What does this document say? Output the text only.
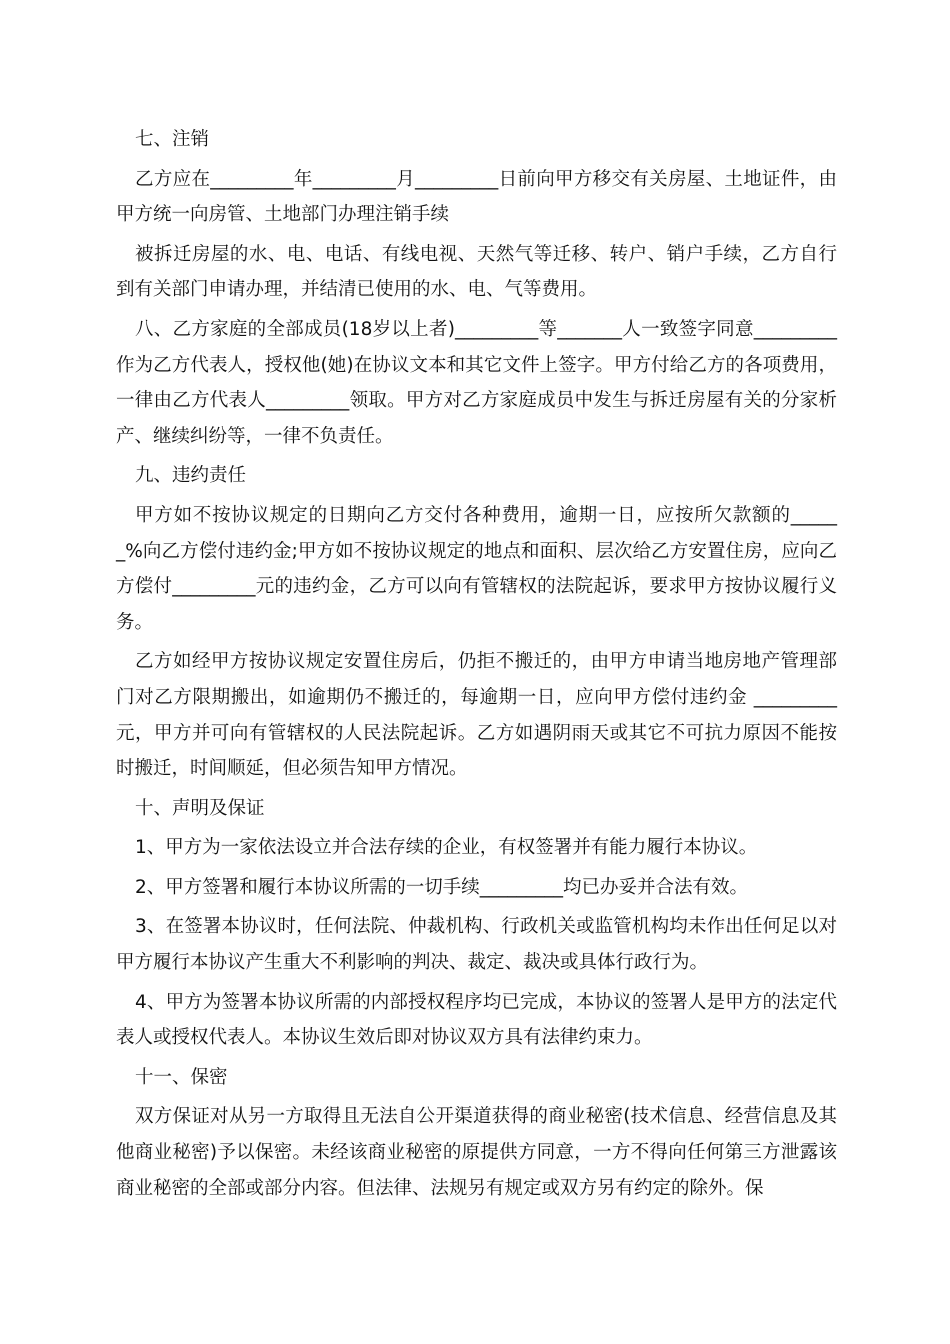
七、注销

乙方应在_________年_________月_________日前向甲方移交有关房屋、土地证件，由甲方统一向房管、土地部门办理注销手续

被拆迁房屋的水、电、电话、有线电视、天然气等迁移、转户、销户手续，乙方自行到有关部门申请办理，并结清已使用的水、电、气等费用。

八、乙方家庭的全部成员(18岁以上者)_________等_______人一致签字同意_________作为乙方代表人，授权他(她)在协议文本和其它文件上签字。甲方付给乙方的各项费用，一律由乙方代表人_________领取。甲方对乙方家庭成员中发生与拆迁房屋有关的分家析产、继续纠纷等，一律不负责任。

九、违约责任

甲方如不按协议规定的日期向乙方交付各种费用，逾期一日，应按所欠款额的______%向乙方偿付违约金;甲方如不按协议规定的地点和面积、层次给乙方安置住房，应向乙方偿付_________元的违约金，乙方可以向有管辖权的法院起诉，要求甲方按协议履行义务。

乙方如经甲方按协议规定安置住房后，仍拒不搬迁的，由甲方申请当地房地产管理部门对乙方限期搬出，如逾期仍不搬迁的，每逾期一日，应向甲方偿付违约金 _________元，甲方并可向有管辖权的人民法院起诉。乙方如遇阴雨天或其它不可抗力原因不能按时搬迁，时间顺延，但必须告知甲方情况。

十、声明及保证

1、甲方为一家依法设立并合法存续的企业，有权签署并有能力履行本协议。

2、甲方签署和履行本协议所需的一切手续_________均已办妥并合法有效。

3、在签署本协议时，任何法院、仲裁机构、行政机关或监管机构均未作出任何足以对甲方履行本协议产生重大不利影响的判决、裁定、裁决或具体行政行为。

4、甲方为签署本协议所需的内部授权程序均已完成，本协议的签署人是甲方的法定代表人或授权代表人。本协议生效后即对协议双方具有法律约束力。

十一、保密

双方保证对从另一方取得且无法自公开渠道获得的商业秘密(技术信息、经营信息及其他商业秘密)予以保密。未经该商业秘密的原提供方同意，一方不得向任何第三方泄露该商业秘密的全部或部分内容。但法律、法规另有规定或双方另有约定的除外。保
